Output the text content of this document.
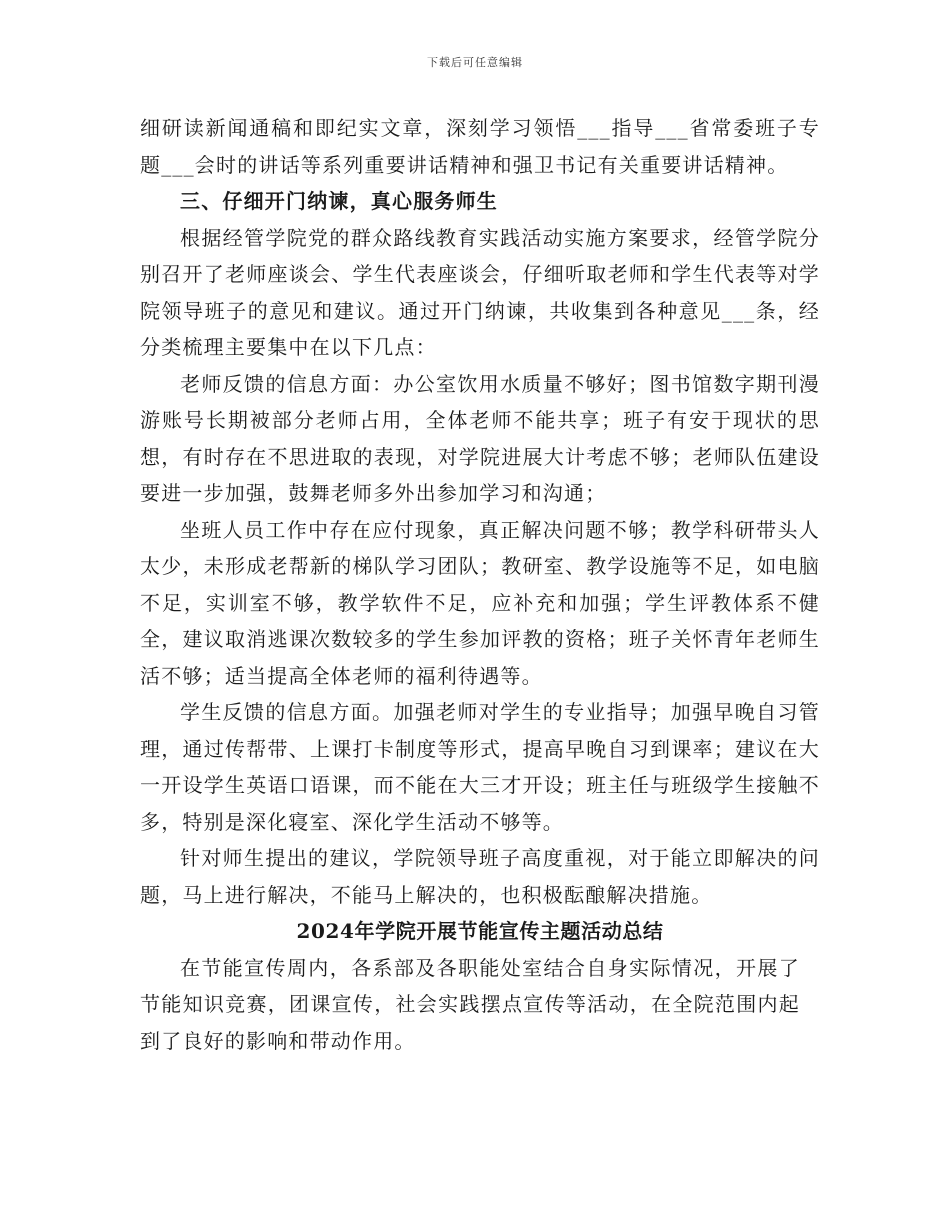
下载后可任意编辑

细研读新闻通稿和即纪实文章，深刻学习领悟___指导___省常委班子专题___会时的讲话等系列重要讲话精神和强卫书记有关重要讲话精神。

三、仔细开门纳谏，真心服务师生

根据经管学院党的群众路线教育实践活动实施方案要求，经管学院分别召开了老师座谈会、学生代表座谈会，仔细听取老师和学生代表等对学院领导班子的意见和建议。通过开门纳谏，共收集到各种意见___条，经分类梳理主要集中在以下几点：

老师反馈的信息方面：办公室饮用水质量不够好；图书馆数字期刊漫游账号长期被部分老师占用，全体老师不能共享；班子有安于现状的思想，有时存在不思进取的表现，对学院进展大计考虑不够；老师队伍建设要进一步加强，鼓舞老师多外出参加学习和沟通；

坐班人员工作中存在应付现象，真正解决问题不够；教学科研带头人太少，未形成老帮新的梯队学习团队；教研室、教学设施等不足，如电脑不足，实训室不够，教学软件不足，应补充和加强；学生评教体系不健全，建议取消逃课次数较多的学生参加评教的资格；班子关怀青年老师生活不够；适当提高全体老师的福利待遇等。

学生反馈的信息方面。加强老师对学生的专业指导；加强早晚自习管理，通过传帮带、上课打卡制度等形式，提高早晚自习到课率；建议在大一开设学生英语口语课，而不能在大三才开设；班主任与班级学生接触不多，特别是深化寝室、深化学生活动不够等。

针对师生提出的建议，学院领导班子高度重视，对于能立即解决的问题，马上进行解决，不能马上解决的，也积极酝酿解决措施。

2024年学院开展节能宣传主题活动总结

在节能宣传周内，各系部及各职能处室结合自身实际情况，开展了节能知识竞赛，团课宣传，社会实践摆点宣传等活动，在全院范围内起到了良好的影响和带动作用。
